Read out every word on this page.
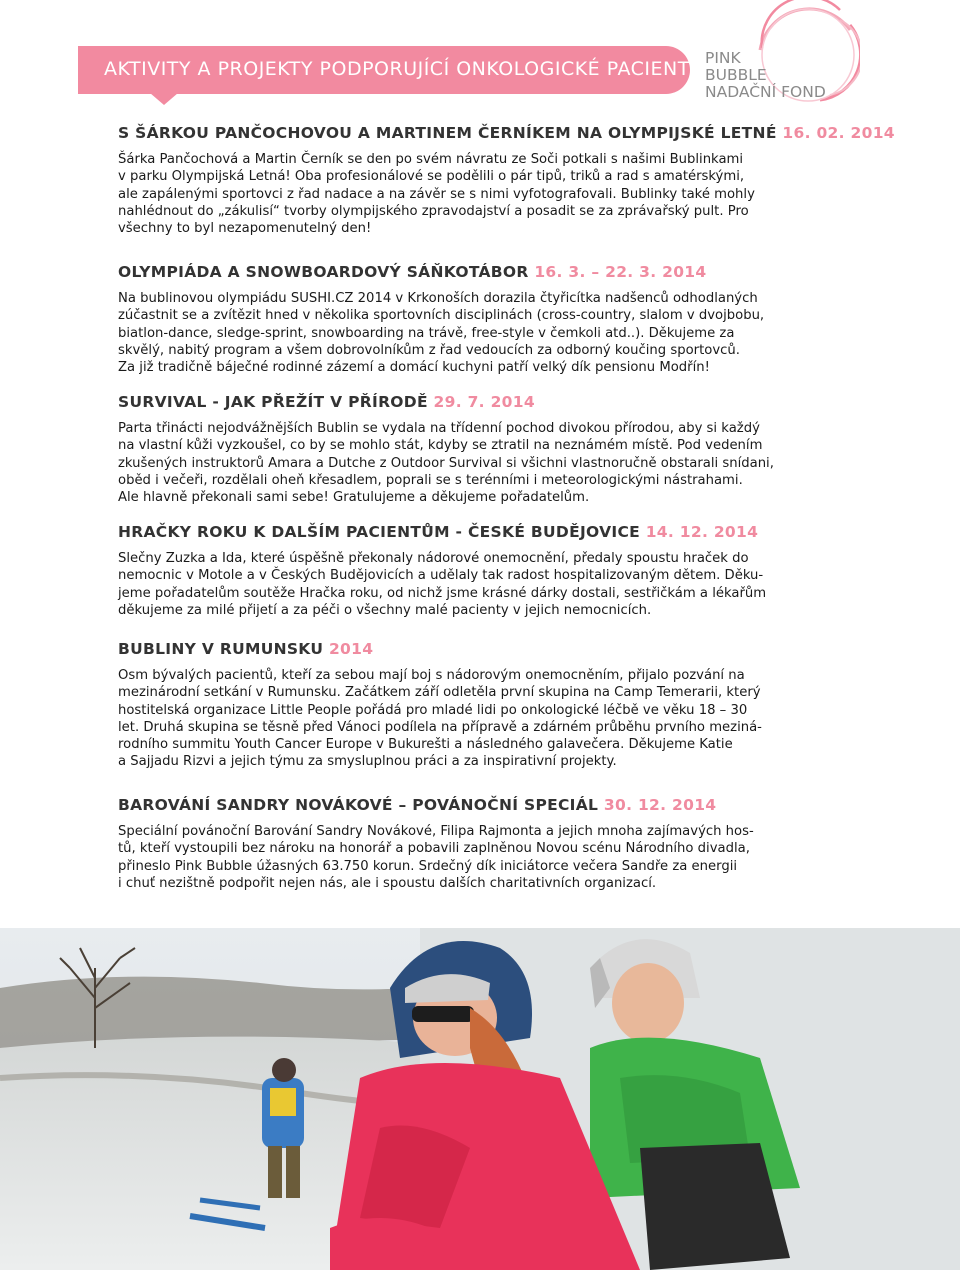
AKTIVITY A PROJEKTY PODPORUJÍCÍ ONKOLOGICKÉ PACIENTY PINK
BUBBLE
NADAČNÍ FOND
S ŠÁRKOU PANČOCHOVOU A MARTINEM ČERNÍKEM NA OLYMPIJSKÉ LETNÉ 16. 02. 2014

Šárka Pančochová a Martin Černík se den po svém návratu ze Soči potkali s našimi Bublinkami
v parku Olympijská Letná! Oba profesionálové se podělili o pár tipů, triků a rad s amatérskými,
ale zapálenými sportovci z řad nadace a na závěr se s nimi vyfotografovali. Bublinky také mohly
nahlédnout do „zákulisí“ tvorby olympijského zpravodajství a posadit se za zprávařský pult. Pro
všechny to byl nezapomenutelný den!

OLYMPIÁDA A SNOWBOARDOVÝ SÁŇKOTÁBOR 16. 3. – 22. 3. 2014

Na bublinovou olympiádu SUSHI.CZ 2014 v Krkonoších dorazila čtyřicítka nadšenců odhodlaných
zúčastnit se a zvítězit hned v několika sportovních disciplinách (cross-country, slalom v dvojbobu,
biatlon-dance, sledge-sprint, snowboarding na trávě, free-style v čemkoli atd..). Děkujeme za
skvělý, nabitý program a všem dobrovolníkům z řad vedoucích za odborný koučing sportovců.
Za již tradičně báječné rodinné zázemí a domácí kuchyni patří velký dík pensionu Modřín!

SURVIVAL - JAK PŘEŽÍT V PŘÍRODĚ 29. 7. 2014

Parta třinácti nejodvážnějších Bublin se vydala na třídenní pochod divokou přírodou, aby si každý
na vlastní kůži vyzkoušel, co by se mohlo stát, kdyby se ztratil na neznámém místě. Pod vedením
zkušených instruktorů Amara a Dutche z Outdoor Survival si všichni vlastnoručně obstarali snídani,
oběd i večeři, rozdělali oheň křesadlem, poprali se s terénními i meteorologickými nástrahami.
Ale hlavně překonali sami sebe! Gratulujeme a děkujeme pořadatelům.

HRAČKY ROKU K DALŠÍM PACIENTŮM - ČESKÉ BUDĚJOVICE 14. 12. 2014

Slečny Zuzka a Ida, které úspěšně překonaly nádorové onemocnění, předaly spoustu hraček do
nemocnic v Motole a v Českých Budějovicích a udělaly tak radost hospitalizovaným dětem. Děku-
jeme pořadatelům soutěže Hračka roku, od nichž jsme krásné dárky dostali, sestřičkám a lékařům
děkujeme za milé přijetí a za péči o všechny malé pacienty v jejich nemocnicích.

BUBLINY V RUMUNSKU 2014

Osm bývalých pacientů, kteří za sebou mají boj s nádorovým onemocněním, přijalo pozvání na
mezinárodní setkání v Rumunsku. Začátkem září odletěla první skupina na Camp Temerarii, který
hostitelská organizace Little People pořádá pro mladé lidi po onkologické léčbě ve věku 18 – 30
let. Druhá skupina se těsně před Vánoci podílela na přípravě a zdárném průběhu prvního meziná-
rodního summitu Youth Cancer Europe v Bukurešti a následného galavečera. Děkujeme Katie
a Sajjadu Rizvi a jejich týmu za smysluplnou práci a za inspirativní projekty.

BAROVÁNÍ SANDRY NOVÁKOVÉ – POVÁNOČNÍ SPECIÁL 30. 12. 2014

Speciální povánoční Barování Sandry Novákové, Filipa Rajmonta a jejich mnoha zajímavých hos-
tů, kteří vystoupili bez nároku na honorář a pobavili zaplněnou Novou scénu Národního divadla,
přineslo Pink Bubble úžasných 63.750 korun. Srdečný dík iniciátorce večera Sandře za energii
i chuť nezištně podpořit nejen nás, ale i spoustu dalších charitativních organizací.
